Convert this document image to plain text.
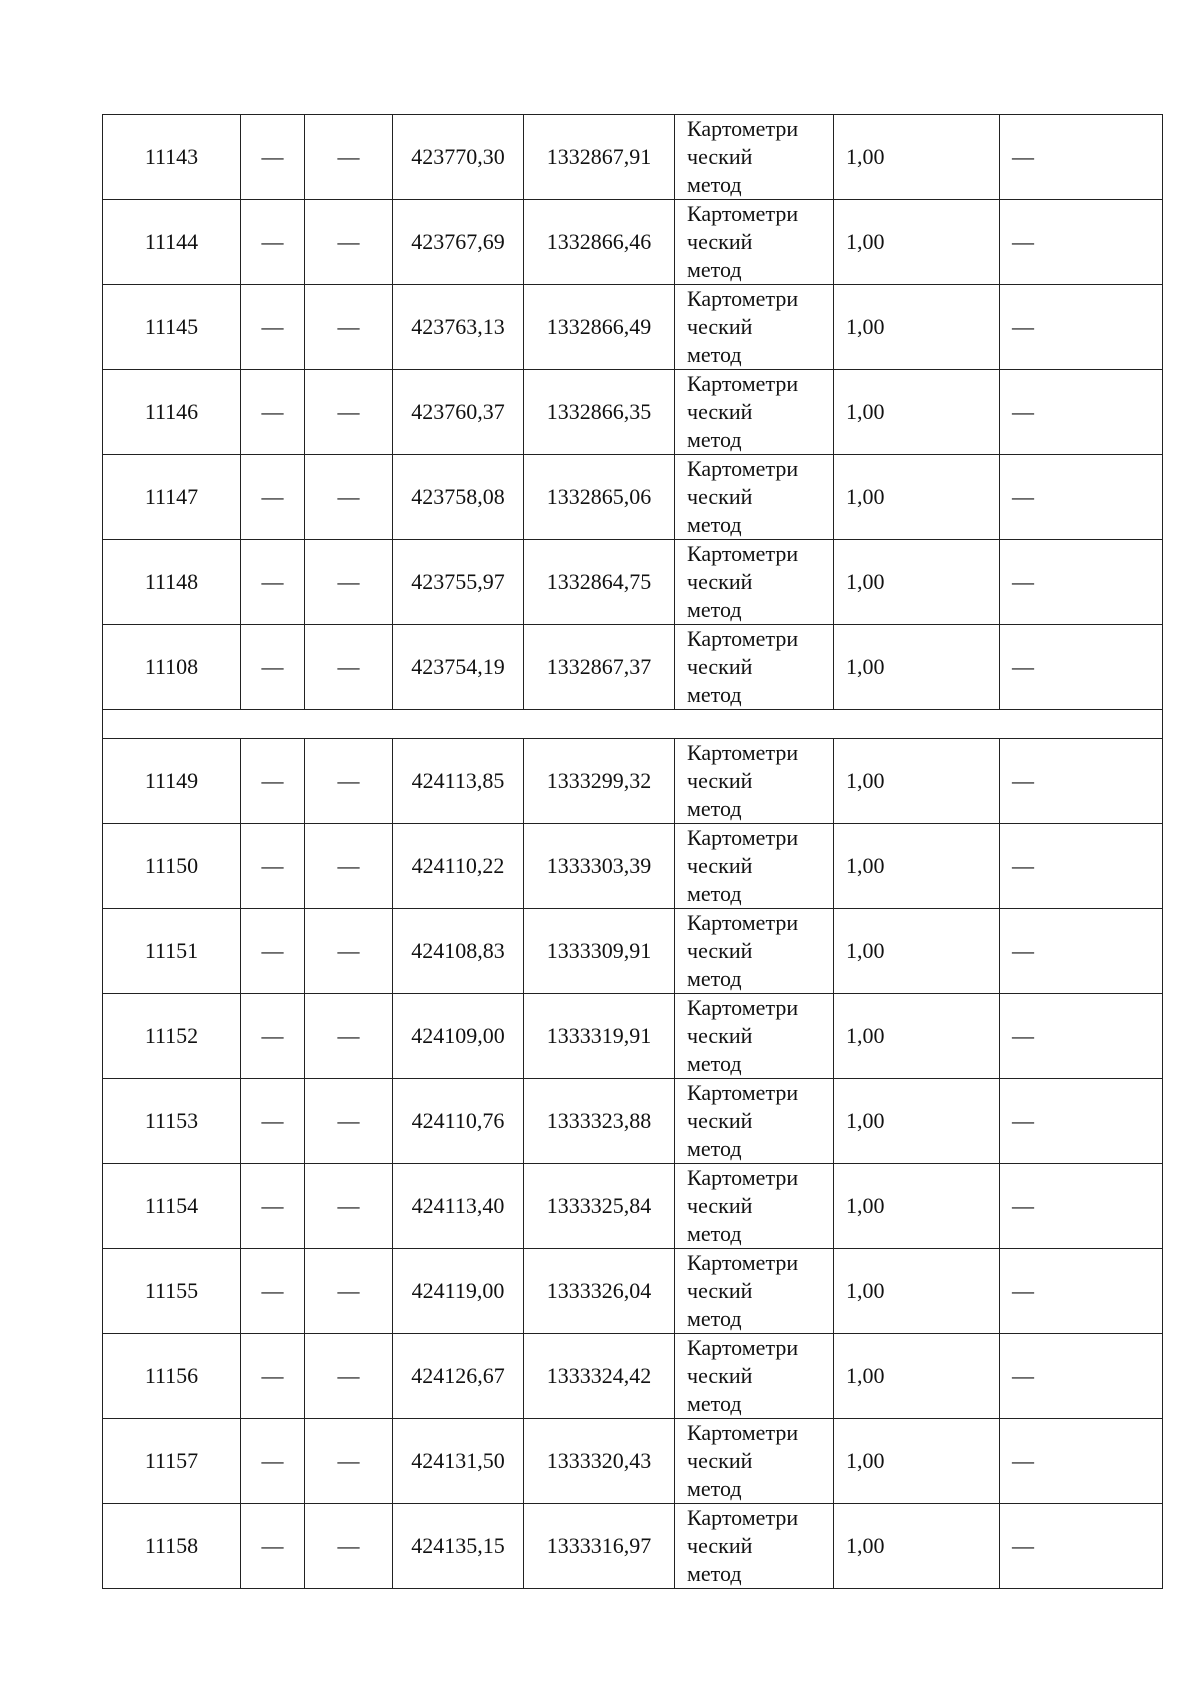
11143	—	—	423770,30	1332867,91	Картометри
ческий
метод	1,00	—
11144	—	—	423767,69	1332866,46	Картометри
ческий
метод	1,00	—
11145	—	—	423763,13	1332866,49	Картометри
ческий
метод	1,00	—
11146	—	—	423760,37	1332866,35	Картометри
ческий
метод	1,00	—
11147	—	—	423758,08	1332865,06	Картометри
ческий
метод	1,00	—
11148	—	—	423755,97	1332864,75	Картометри
ческий
метод	1,00	—
11108	—	—	423754,19	1332867,37	Картометри
ческий
метод	1,00	—

11149	—	—	424113,85	1333299,32	Картометри
ческий
метод	1,00	—
11150	—	—	424110,22	1333303,39	Картометри
ческий
метод	1,00	—
11151	—	—	424108,83	1333309,91	Картометри
ческий
метод	1,00	—
11152	—	—	424109,00	1333319,91	Картометри
ческий
метод	1,00	—
11153	—	—	424110,76	1333323,88	Картометри
ческий
метод	1,00	—
11154	—	—	424113,40	1333325,84	Картометри
ческий
метод	1,00	—
11155	—	—	424119,00	1333326,04	Картометри
ческий
метод	1,00	—
11156	—	—	424126,67	1333324,42	Картометри
ческий
метод	1,00	—
11157	—	—	424131,50	1333320,43	Картометри
ческий
метод	1,00	—
11158	—	—	424135,15	1333316,97	Картометри
ческий
метод	1,00	—
